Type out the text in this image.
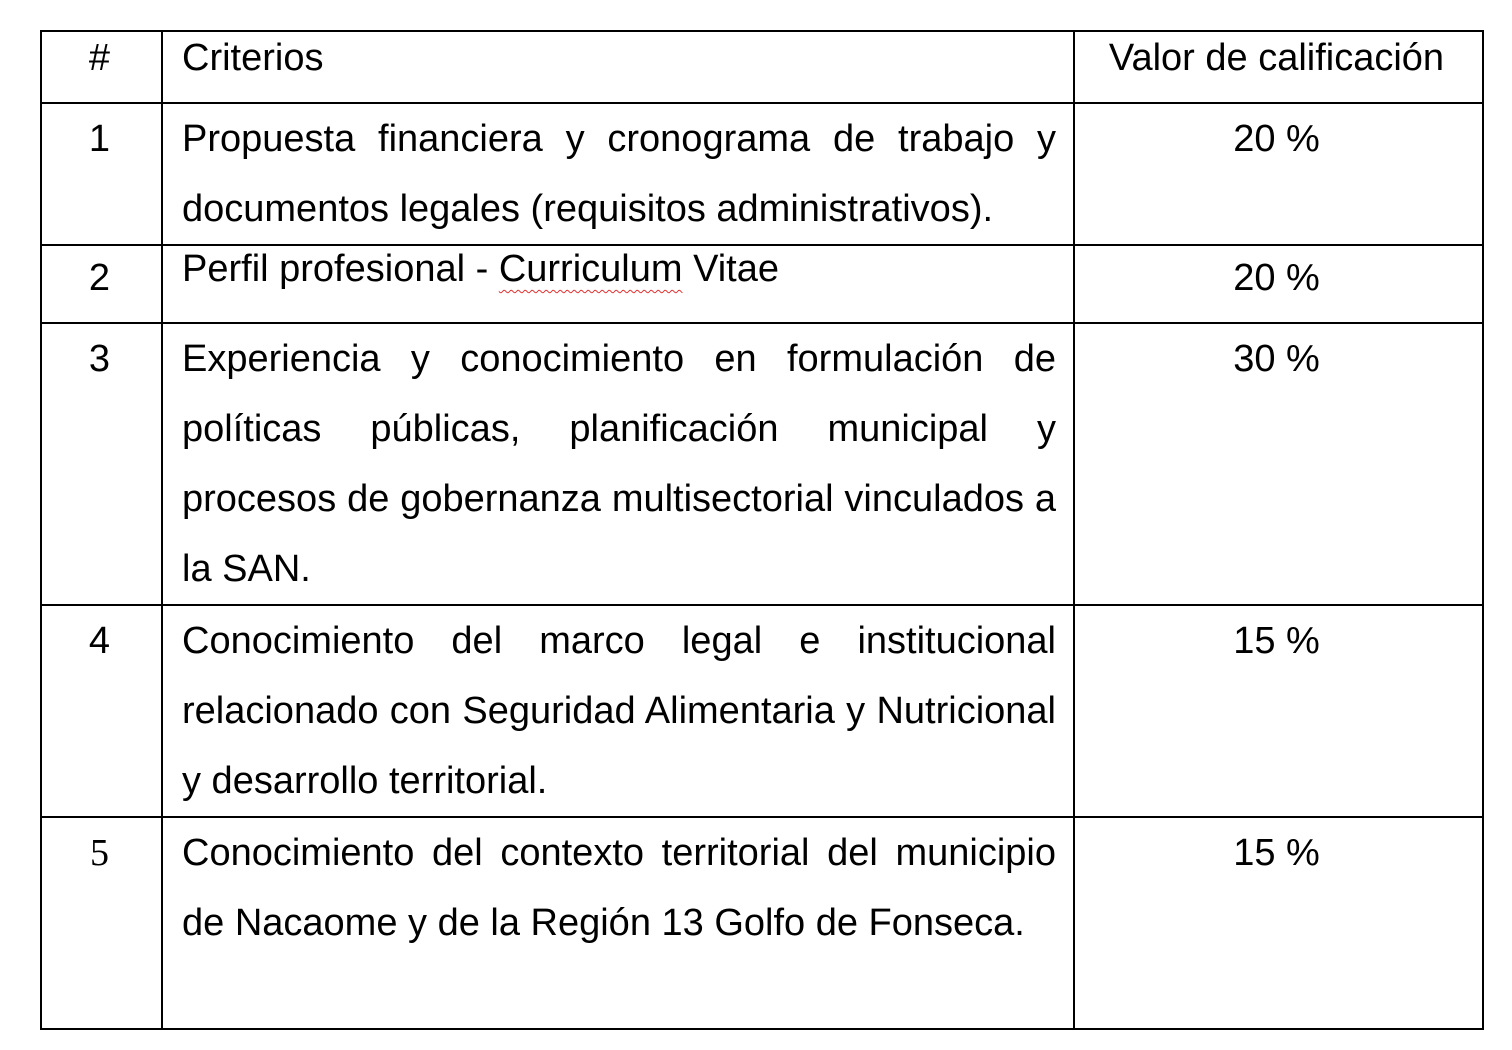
#	Criterios	Valor de calificación
1	Propuesta financiera y cronograma de trabajo y documentos legales (requisitos administrativos).	20 %
2	Perfil profesional - Curriculum Vitae	20 %
3	Experiencia y conocimiento en formulación de políticas públicas, planificación municipal y procesos de gobernanza multisectorial vinculados a la SAN.	30 %
4	Conocimiento del marco legal e institucional relacionado con Seguridad Alimentaria y Nutricional y desarrollo territorial.	15 %
5	Conocimiento del contexto territorial del municipio de Nacaome y de la Región 13 Golfo de Fonseca.	15 %
